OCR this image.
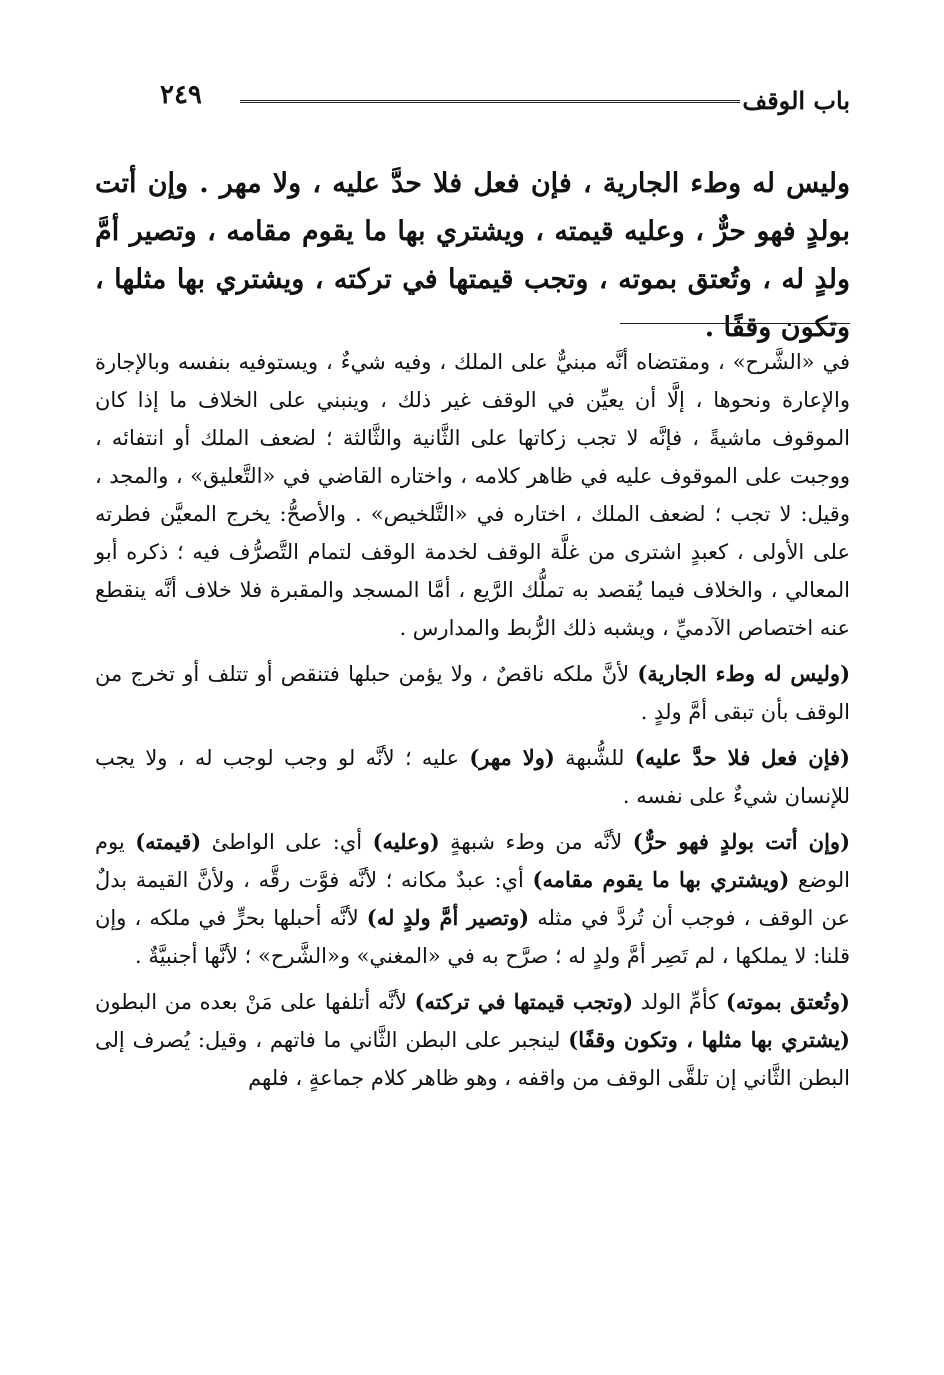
باب الوقف
٢٤٩
وليس له وطء الجارية ، فإن فعل فلا حدَّ عليه ، ولا مهر . وإن أتت بولدٍ فهو حرٌّ ، وعليه قيمته ، ويشتري بها ما يقوم مقامه ، وتصير أمَّ ولدٍ له ، وتُعتق بموته ، وتجب قيمتها في تركته ، ويشتري بها مثلها ، وتكون وقفًا .

في «الشَّرح» ، ومقتضاه أنَّه مبنيٌّ على الملك ، وفيه شيءٌ ، ويستوفيه بنفسه وبالإجارة والإعارة ونحوها ، إلَّا أن يعيِّن في الوقف غير ذلك ، وينبني على الخلاف ما إذا كان الموقوف ماشيةً ، فإنَّه لا تجب زكاتها على الثَّانية والثَّالثة ؛ لضعف الملك أو انتفائه ، ووجبت على الموقوف عليه في ظاهر كلامه ، واختاره القاضي في «التَّعليق» ، والمجد ، وقيل: لا تجب ؛ لضعف الملك ، اختاره في «التَّلخيص» . والأصحُّ: يخرج المعيَّن فطرته على الأولى ، كعبدٍ اشترى من غلَّة الوقف لخدمة الوقف لتمام التَّصرُّف فيه ؛ ذكره أبو المعالي ، والخلاف فيما يُقصد به تملُّك الرَّيع ، أمَّا المسجد والمقبرة فلا خلاف أنَّه ينقطع عنه اختصاص الآدميِّ ، ويشبه ذلك الرُّبط والمدارس .

(وليس له وطء الجارية) لأنَّ ملكه ناقصٌ ، ولا يؤمن حبلها فتنقص أو تتلف أو تخرج من الوقف بأن تبقى أمَّ ولدٍ .

(فإن فعل فلا حدَّ عليه) للشُّبهة (ولا مهر) عليه ؛ لأنَّه لو وجب لوجب له ، ولا يجب للإنسان شيءٌ على نفسه .

(وإن أتت بولدٍ فهو حرٌّ) لأنَّه من وطء شبهةٍ (وعليه) أي: على الواطئ (قيمته) يوم الوضع (ويشتري بها ما يقوم مقامه) أي: عبدٌ مكانه ؛ لأنَّه فوَّت رقَّه ، ولأنَّ القيمة بدلٌ عن الوقف ، فوجب أن تُردَّ في مثله (وتصير أمَّ ولدٍ له) لأنَّه أحبلها بحرٍّ في ملكه ، وإن قلنا: لا يملكها ، لم تَصِر أمَّ ولدٍ له ؛ صرَّح به في «المغني» و«الشَّرح» ؛ لأنَّها أجنبيَّةٌ .

(وتُعتق بموته) كأمِّ الولد (وتجب قيمتها في تركته) لأنَّه أتلفها على مَنْ بعده من البطون (يشتري بها مثلها ، وتكون وقفًا) لينجبر على البطن الثَّاني ما فاتهم ، وقيل: يُصرف إلى البطن الثَّاني إن تلقَّى الوقف من واقفه ، وهو ظاهر كلام جماعةٍ ، فلهم
